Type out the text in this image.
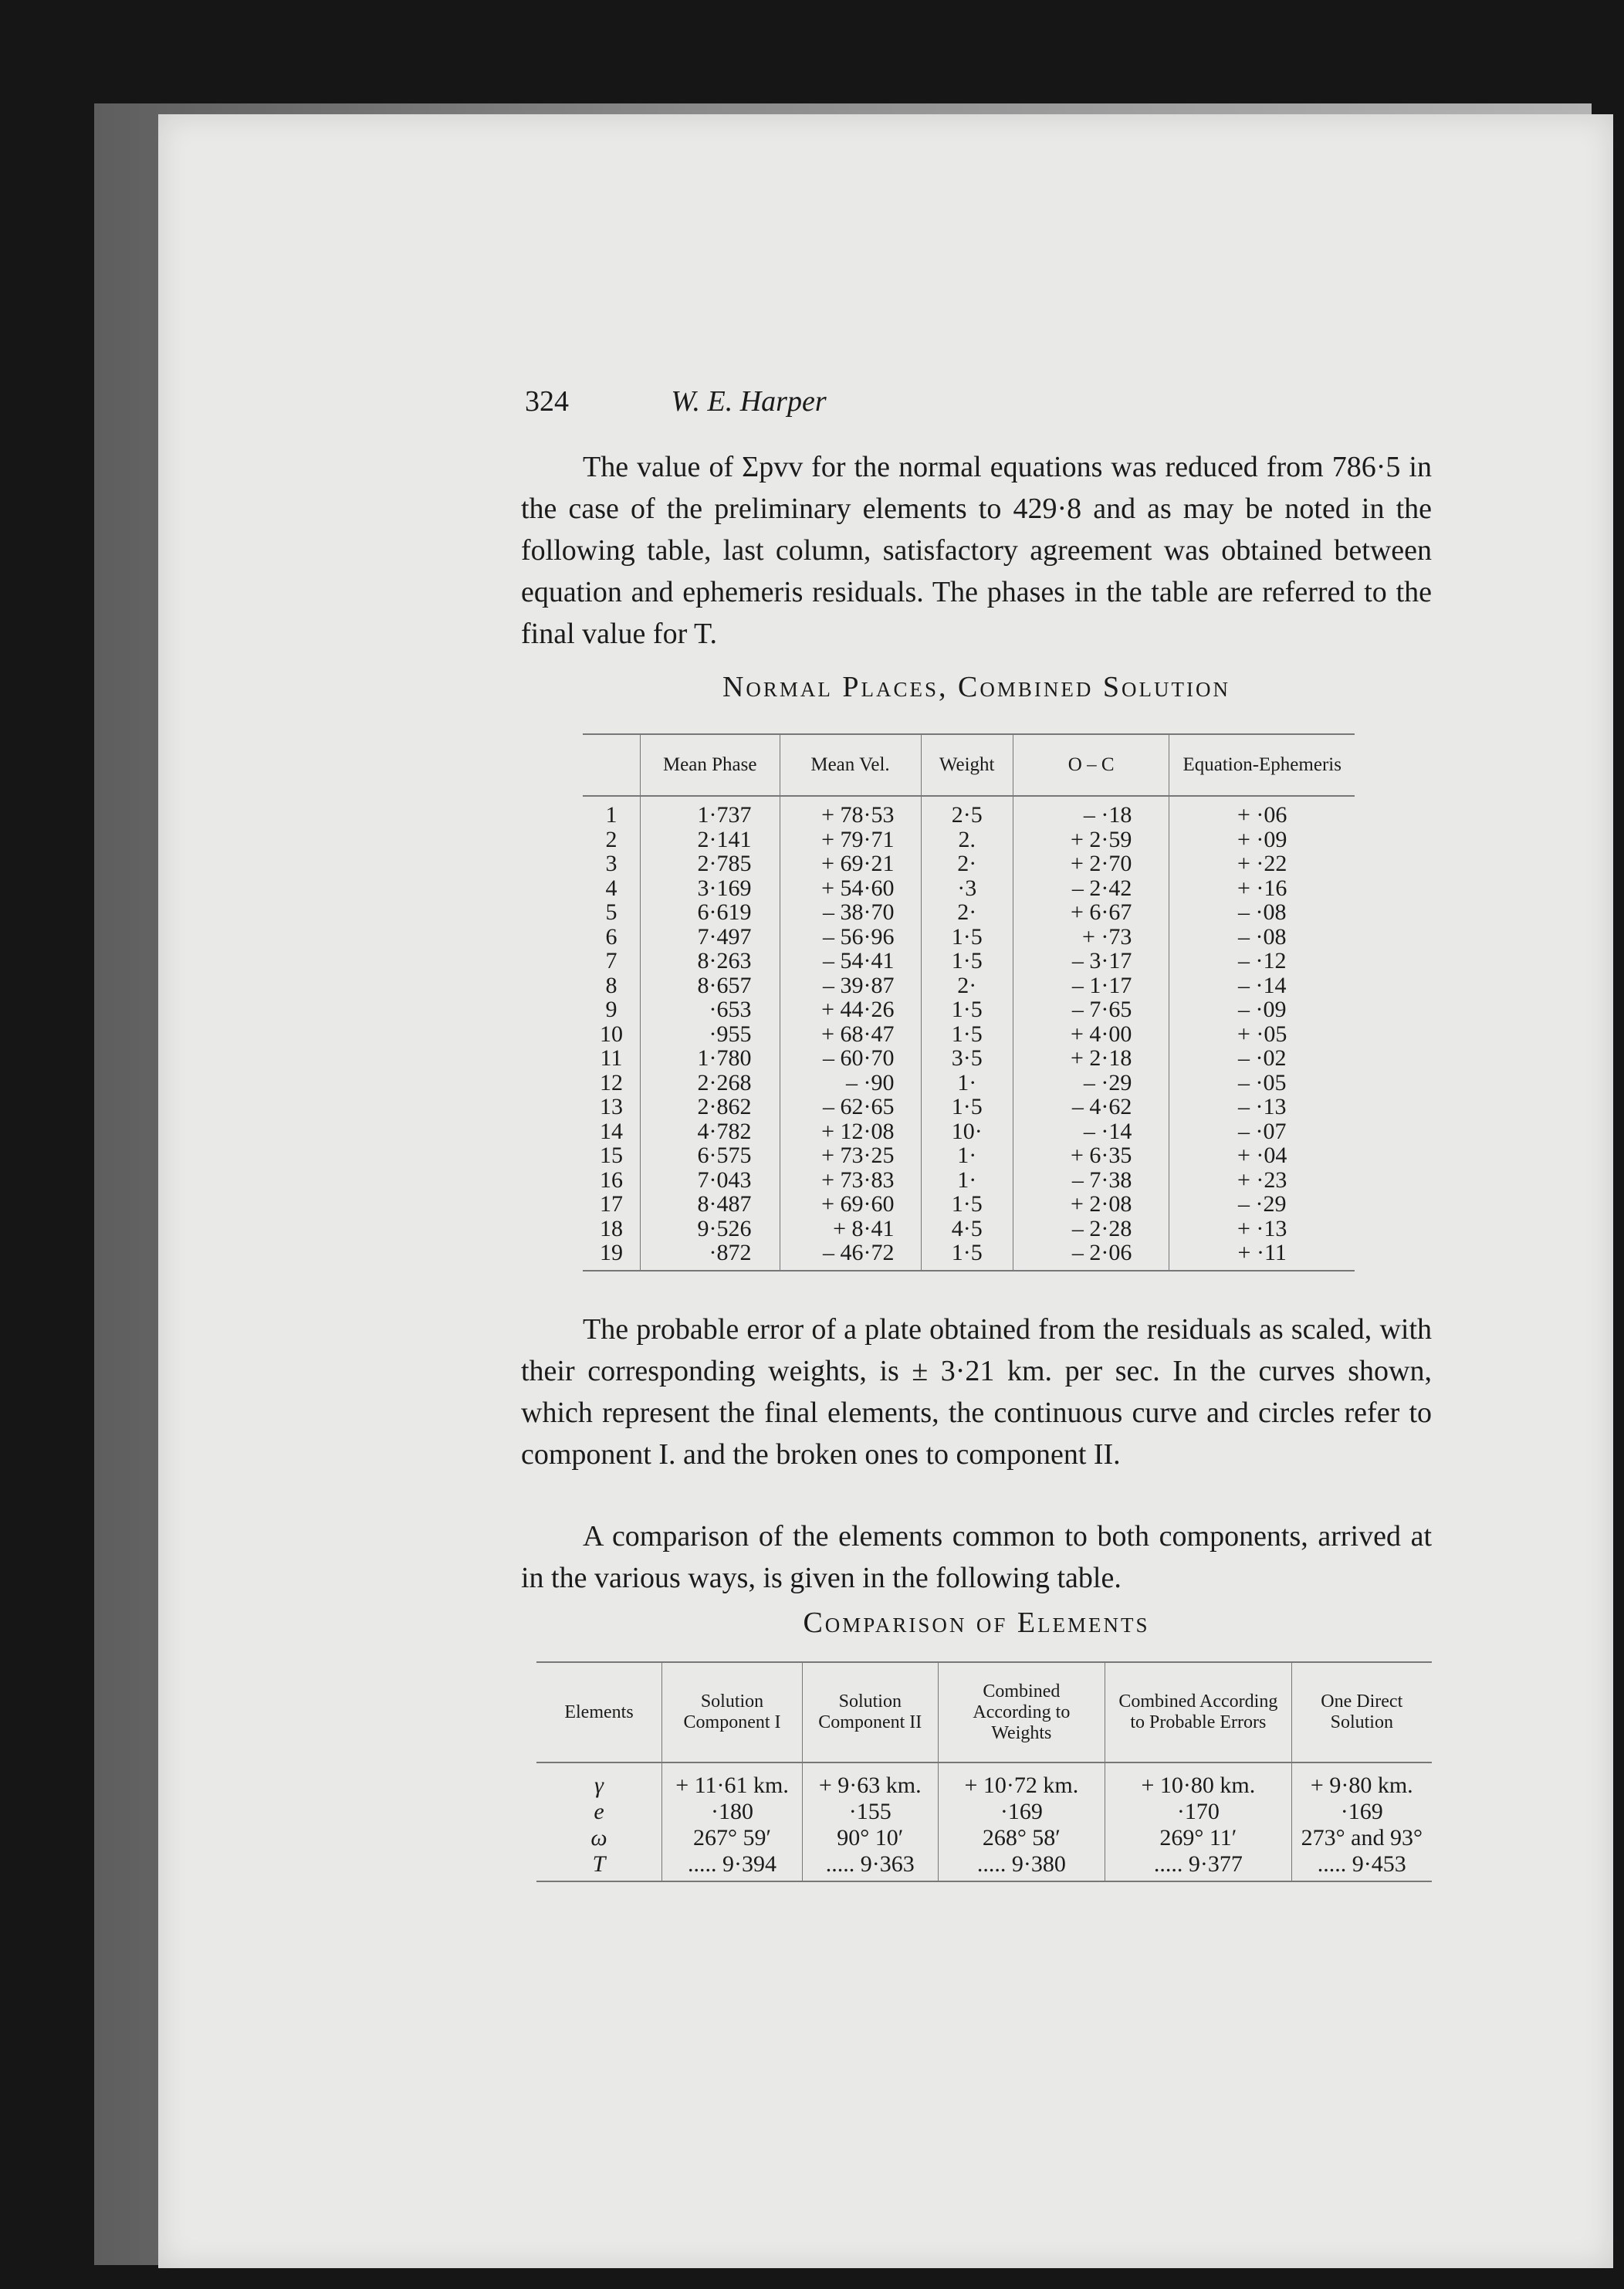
324	W. E. Harper

The value of Σpvv for the normal equations was reduced from 786·5 in the case of the preliminary elements to 429·8 and as may be noted in the following table, last column, satisfactory agreement was obtained between equation and ephemeris residuals. The phases in the table are referred to the final value for T.

Normal Places, Combined Solution
	Mean Phase	Mean Vel.	Weight	O – C	Equation-Ephemeris
1	1·737	+ 78·53	2·5	– ·18	+ ·06
2	2·141	+ 79·71	2.	+ 2·59	+ ·09
3	2·785	+ 69·21	2·	+ 2·70	+ ·22
4	3·169	+ 54·60	·3	– 2·42	+ ·16
5	6·619	– 38·70	2·	+ 6·67	– ·08
6	7·497	– 56·96	1·5	+ ·73	– ·08
7	8·263	– 54·41	1·5	– 3·17	– ·12
8	8·657	– 39·87	2·	– 1·17	– ·14
9	·653	+ 44·26	1·5	– 7·65	– ·09
10	·955	+ 68·47	1·5	+ 4·00	+ ·05
11	1·780	– 60·70	3·5	+ 2·18	– ·02
12	2·268	– ·90	1·	– ·29	– ·05
13	2·862	– 62·65	1·5	– 4·62	– ·13
14	4·782	+ 12·08	10·	– ·14	– ·07
15	6·575	+ 73·25	1·	+ 6·35	+ ·04
16	7·043	+ 73·83	1·	– 7·38	+ ·23
17	8·487	+ 69·60	1·5	+ 2·08	– ·29
18	9·526	+ 8·41	4·5	– 2·28	+ ·13
19	·872	– 46·72	1·5	– 2·06	+ ·11

The probable error of a plate obtained from the residuals as scaled, with their corresponding weights, is ± 3·21 km. per sec. In the curves shown, which represent the final elements, the continuous curve and circles refer to component I. and the broken ones to component II.

A comparison of the elements common to both components, arrived at in the various ways, is given in the following table.

Comparison of Elements
Elements	Solution Component I	Solution Component II	Combined According to Weights	Combined According to Probable Errors	One Direct Solution
γ	+ 11·61 km.	+ 9·63 km.	+ 10·72 km.	+ 10·80 km.	+ 9·80 km.
e	·180	·155	·169	·170	·169
ω	267° 59′	90° 10′	268° 58′	269° 11′	273° and 93°
T	..... 9·394	..... 9·363	..... 9·380	..... 9·377	..... 9·453
